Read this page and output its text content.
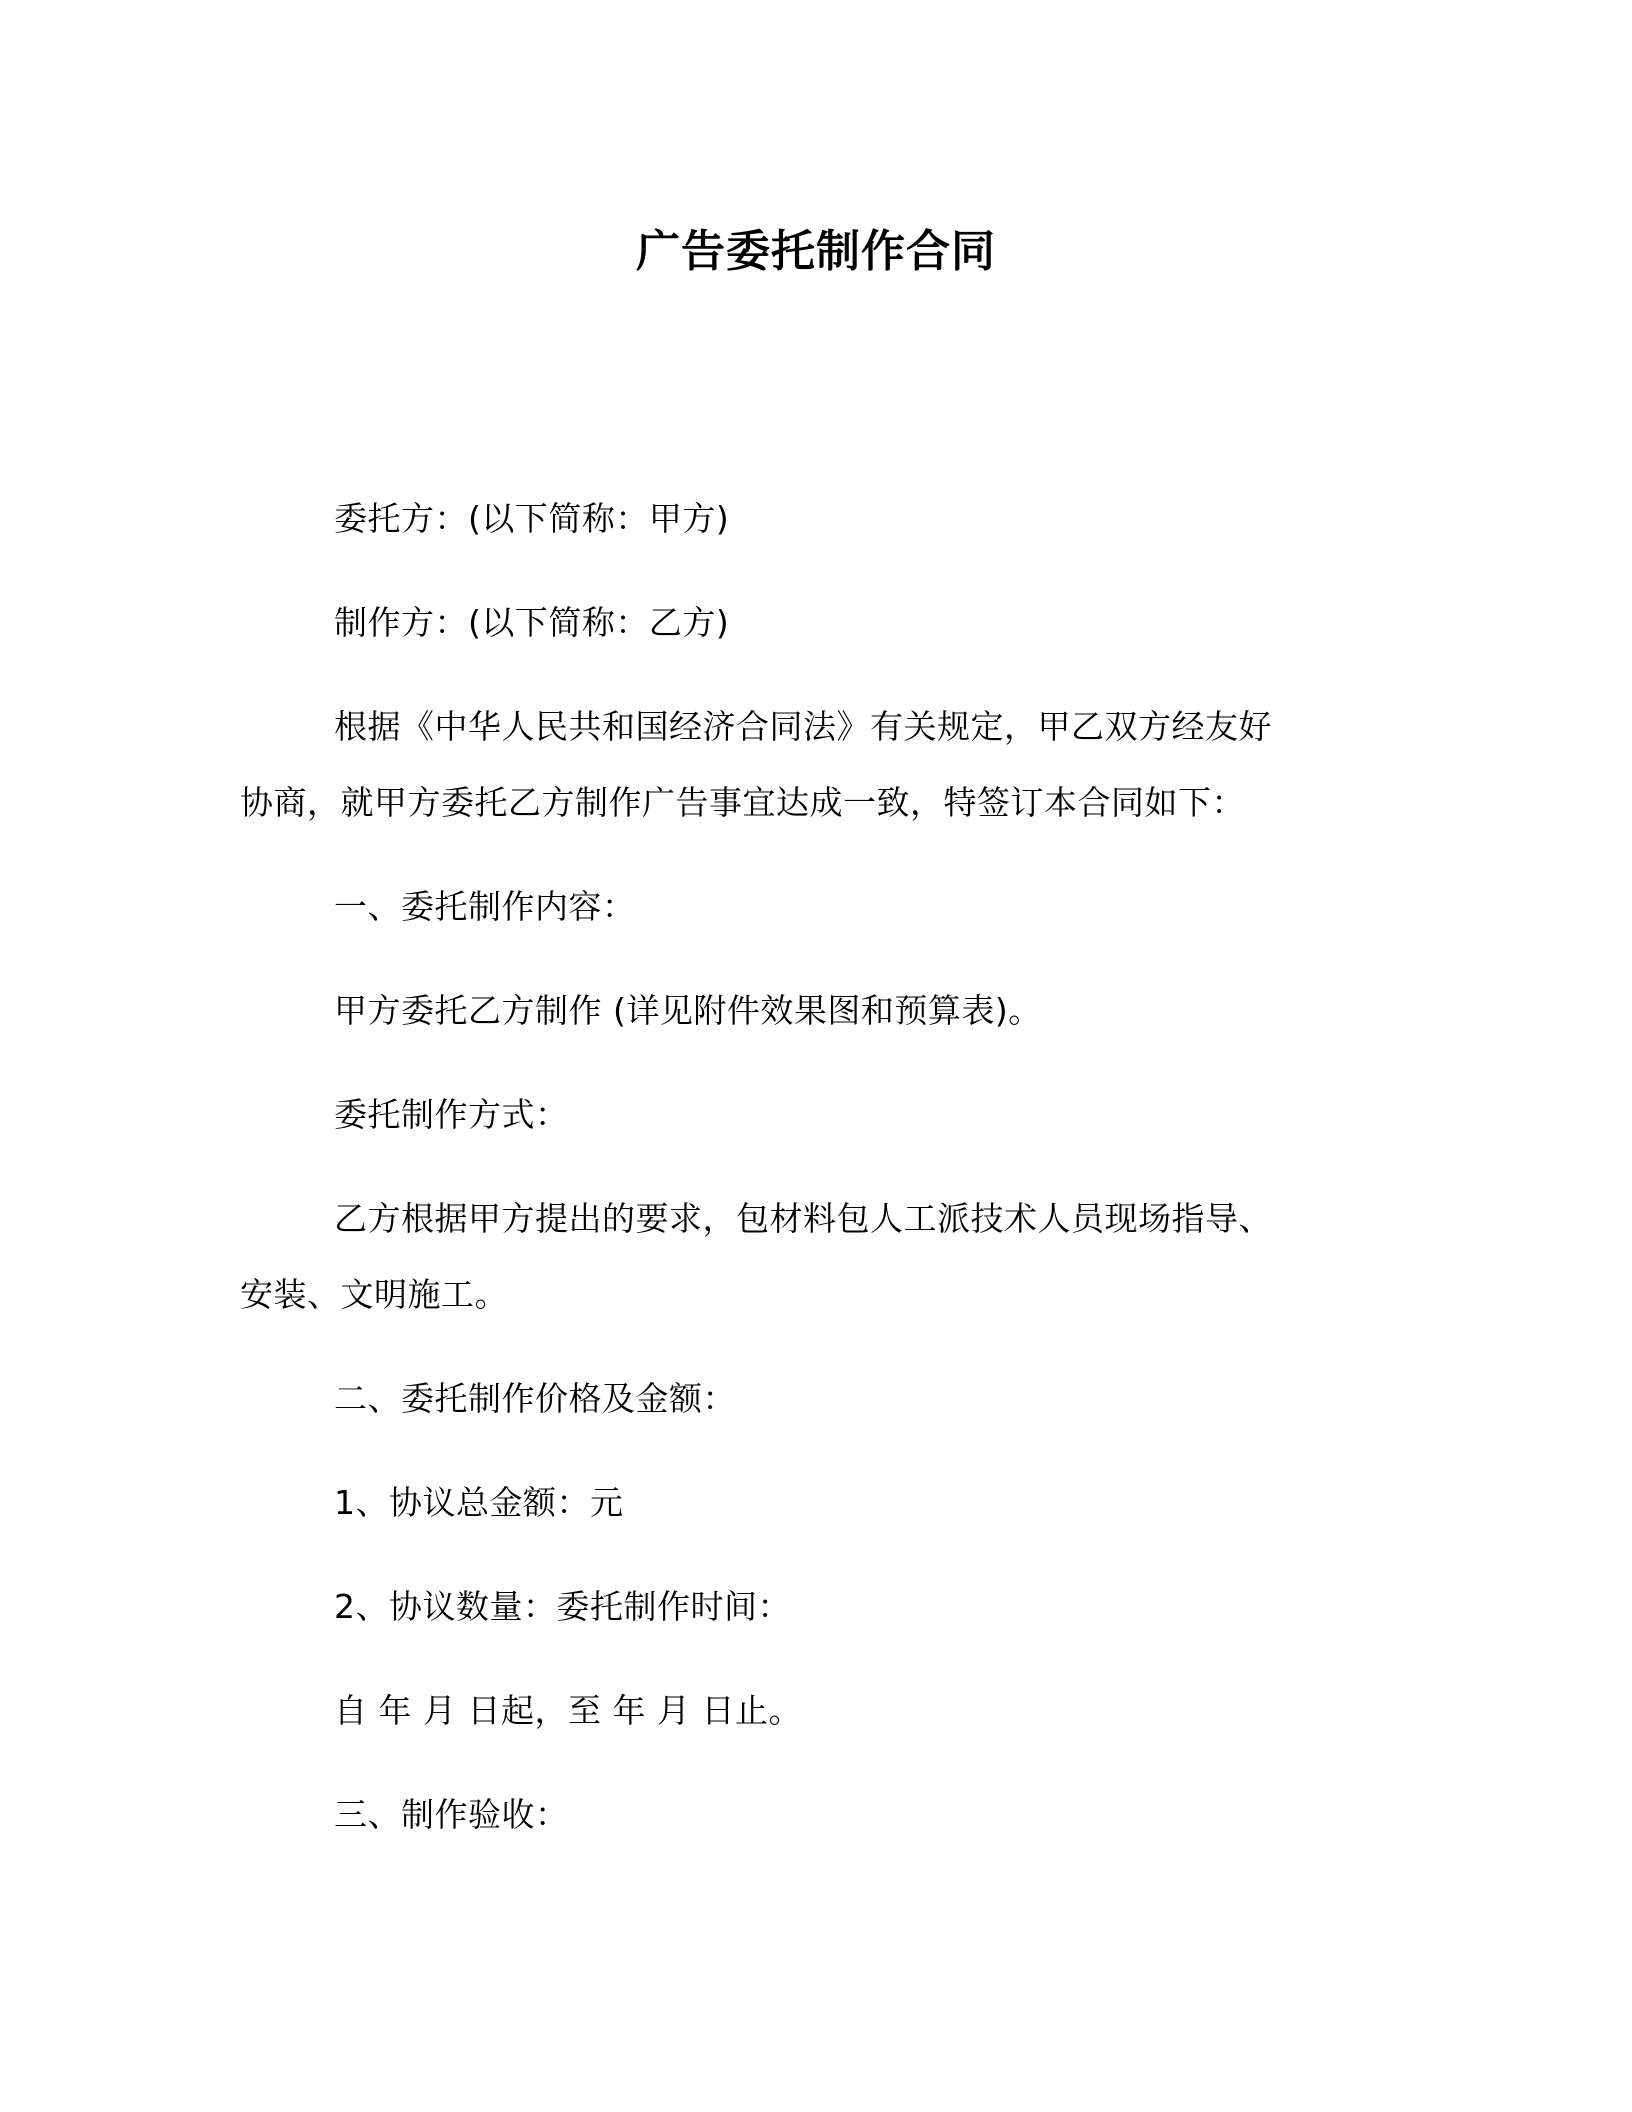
广告委托制作合同
委托方：(以下简称：甲方)
制作方：(以下简称：乙方)
根据《中华人民共和国经济合同法》有关规定，甲乙双方经友好
协商，就甲方委托乙方制作广告事宜达成一致，特签订本合同如下：
一、委托制作内容：
甲方委托乙方制作 (详见附件效果图和预算表)。
委托制作方式：
乙方根据甲方提出的要求，包材料包人工派技术人员现场指导、
安装、文明施工。
二、委托制作价格及金额：
1、协议总金额：元
2、协议数量：委托制作时间：
自 年 月 日起，至 年 月 日止。
三、制作验收：
